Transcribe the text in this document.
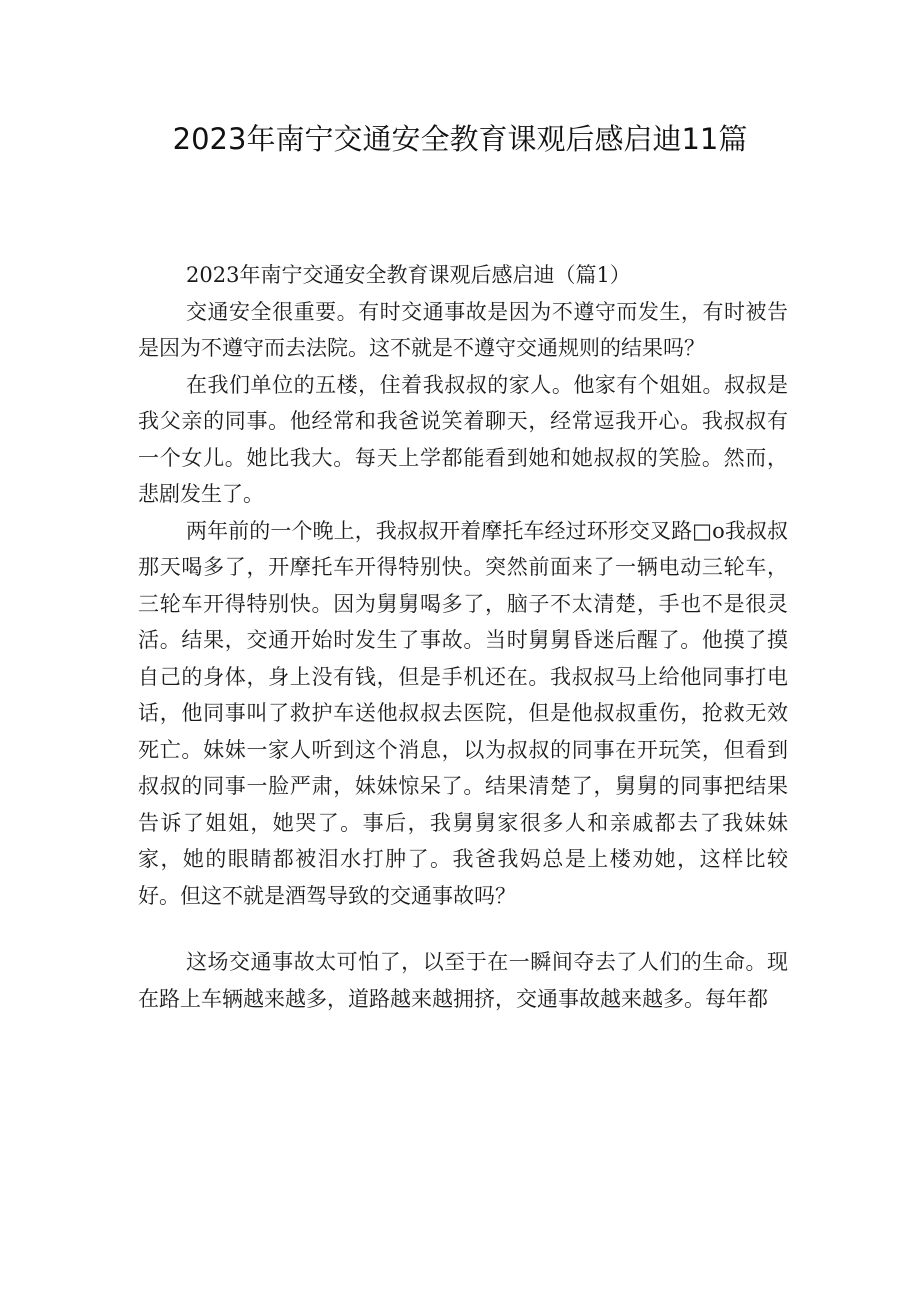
2023年南宁交通安全教育课观后感启迪11篇

2023年南宁交通安全教育课观后感启迪（篇1）

交通安全很重要。有时交通事故是因为不遵守而发生，有时被告是因为不遵守而去法院。这不就是不遵守交通规则的结果吗？

在我们单位的五楼，住着我叔叔的家人。他家有个姐姐。叔叔是我父亲的同事。他经常和我爸说笑着聊天，经常逗我开心。我叔叔有一个女儿。她比我大。每天上学都能看到她和她叔叔的笑脸。然而，悲剧发生了。

两年前的一个晚上，我叔叔开着摩托车经过环形交叉路□o我叔叔那天喝多了，开摩托车开得特别快。突然前面来了一辆电动三轮车，三轮车开得特别快。因为舅舅喝多了，脑子不太清楚，手也不是很灵活。结果，交通开始时发生了事故。当时舅舅昏迷后醒了。他摸了摸自己的身体，身上没有钱，但是手机还在。我叔叔马上给他同事打电话，他同事叫了救护车送他叔叔去医院，但是他叔叔重伤，抢救无效死亡。妹妹一家人听到这个消息，以为叔叔的同事在开玩笑，但看到叔叔的同事一脸严肃，妹妹惊呆了。结果清楚了，舅舅的同事把结果告诉了姐姐，她哭了。事后，我舅舅家很多人和亲戚都去了我妹妹家，她的眼睛都被泪水打肿了。我爸我妈总是上楼劝她，这样比较好。但这不就是酒驾导致的交通事故吗？

这场交通事故太可怕了，以至于在一瞬间夺去了人们的生命。现在路上车辆越来越多，道路越来越拥挤，交通事故越来越多。每年都
